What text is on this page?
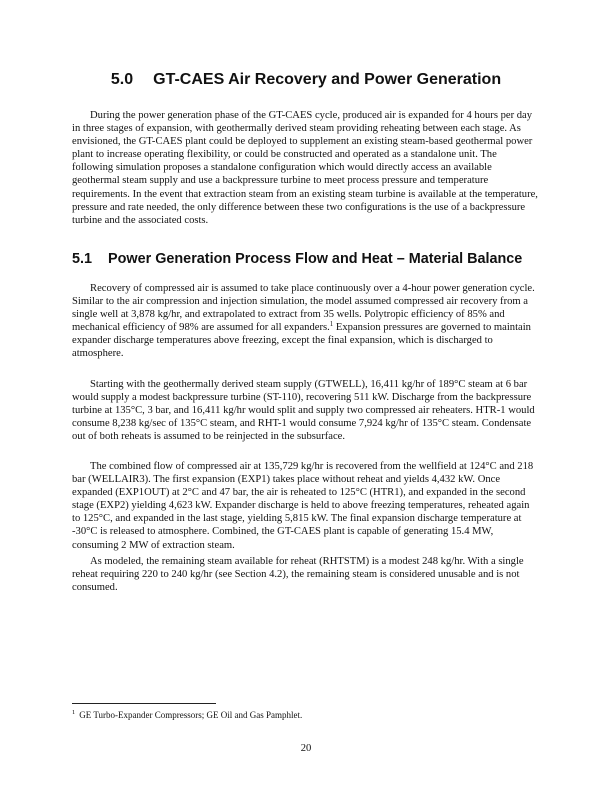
5.0 GT-CAES Air Recovery and Power Generation

During the power generation phase of the GT-CAES cycle, produced air is expanded for 4 hours per day in three stages of expansion, with geothermally derived steam providing reheating between each stage. As envisioned, the GT-CAES plant could be deployed to supplement an existing steam-based geothermal power plant to increase operating flexibility, or could be constructed and operated as a standalone unit. The following simulation proposes a standalone configuration which would directly access an available geothermal steam supply and use a backpressure turbine to meet process pressure and temperature requirements. In the event that extraction steam from an existing steam turbine is available at the temperature, pressure and rate needed, the only difference between these two configurations is the use of a backpressure turbine and the associated costs.

5.1 Power Generation Process Flow and Heat – Material Balance

Recovery of compressed air is assumed to take place continuously over a 4-hour power generation cycle. Similar to the air compression and injection simulation, the model assumed compressed air recovery from a single well at 3,878 kg/hr, and extrapolated to extract from 35 wells. Polytropic efficiency of 85% and mechanical efficiency of 98% are assumed for all expanders.$^1$ Expansion pressures are governed to maintain expander discharge temperatures above freezing, except the final expansion, which is discharged to atmosphere.

Starting with the geothermally derived steam supply (GTWELL), 16,411 kg/hr of 189°C steam at 6 bar would supply a modest backpressure turbine (ST-110), recovering 511 kW. Discharge from the backpressure turbine at 135°C, 3 bar, and 16,411 kg/hr would split and supply two compressed air reheaters. HTR-1 would consume 8,238 kg/sec of 135°C steam, and RHT-1 would consume 7,924 kg/hr of 135°C steam. Condensate out of both reheats is assumed to be reinjected in the subsurface.

The combined flow of compressed air at 135,729 kg/hr is recovered from the wellfield at 124°C and 218 bar (WELLAIR3). The first expansion (EXP1) takes place without reheat and yields 4,432 kW. Once expanded (EXP1OUT) at 2°C and 47 bar, the air is reheated to 125°C (HTR1), and expanded in the second stage (EXP2) yielding 4,623 kW. Expander discharge is held to above freezing temperatures, reheated again to 125°C, and expanded in the last stage, yielding 5,815 kW. The final expansion discharge temperature at -30°C is released to atmosphere. Combined, the GT-CAES plant is capable of generating 15.4 MW, consuming 2 MW of extraction steam.

As modeled, the remaining steam available for reheat (RHTSTM) is a modest 248 kg/hr. With a single reheat requiring 220 to 240 kg/hr (see Section 4.2), the remaining steam is considered unusable and is not consumed.

$^1$ GE Turbo-Expander Compressors; GE Oil and Gas Pamphlet.
20
